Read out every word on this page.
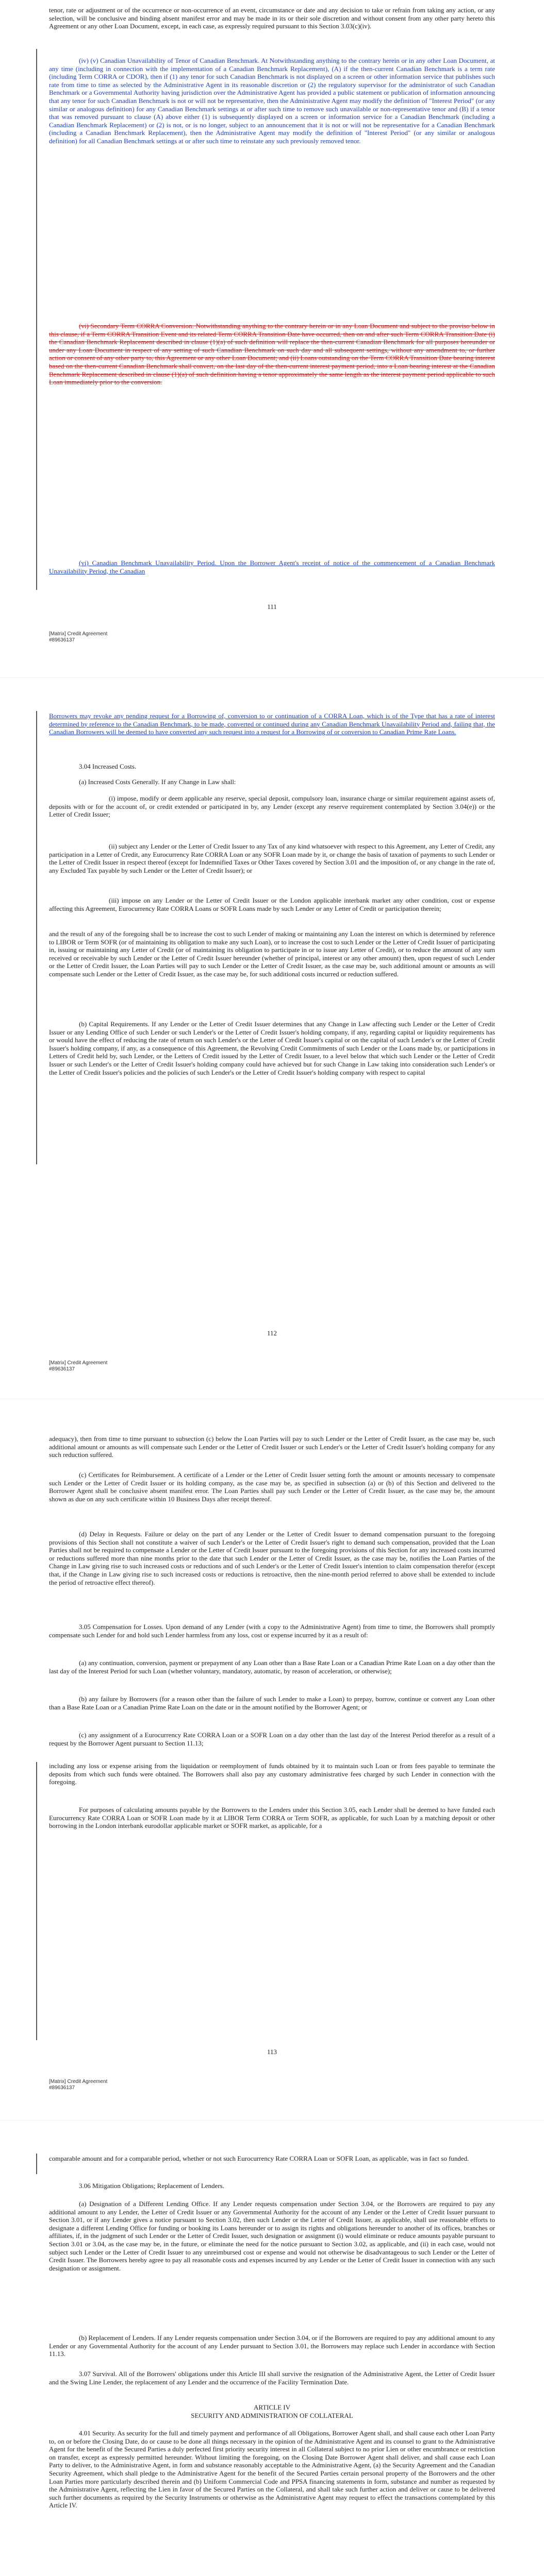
tenor, rate or adjustment or of the occurrence or non-occurrence of an event, circumstance or date and any decision to take or refrain from taking any action, or any selection, will be conclusive and binding absent manifest error and may be made in its or their sole discretion and without consent from any other party hereto this Agreement or any other Loan Document, except, in each case, as expressly required pursuant to this Section 3.03(c)(iv).

(iv) (v) Canadian Unavailability of Tenor of Canadian Benchmark. At Notwithstanding anything to the contrary herein or in any other Loan Document, at any time (including in connection with the implementation of a Canadian Benchmark Replacement), (A) if the then-current Canadian Benchmark is a term rate (including Term CORRA or CDOR), then if (1) any tenor for such Canadian Benchmark is not displayed on a screen or other information service that publishes such rate from time to time as selected by the Administrative Agent in its reasonable discretion or (2) the regulatory supervisor for the administrator of such Canadian Benchmark or a Governmental Authority having jurisdiction over the Administrative Agent has provided a public statement or publication of information announcing that any tenor for such Canadian Benchmark is not or will not be representative, then the Administrative Agent may modify the definition of "Interest Period" (or any similar or analogous definition) for any Canadian Benchmark settings at or after such time to remove such unavailable or non-representative tenor and (B) if a tenor that was removed pursuant to clause (A) above either (1) is subsequently displayed on a screen or information service for a Canadian Benchmark (including a Canadian Benchmark Replacement) or (2) is not, or is no longer, subject to an announcement that it is not or will not be representative for a Canadian Benchmark (including a Canadian Benchmark Replacement), then the Administrative Agent may modify the definition of "Interest Period" (or any similar or analogous definition) for all Canadian Benchmark settings at or after such time to reinstate any such previously removed tenor.

(vi) Secondary Term CORRA Conversion. Notwithstanding anything to the contrary herein or in any Loan Document and subject to the proviso below in this clause, if a Term CORRA Transition Event and its related Term CORRA Transition Date have occurred, then on and after such Term CORRA Transition Date (i) the Canadian Benchmark Replacement described in clause (1)(a) of such definition will replace the then-current Canadian Benchmark for all purposes hereunder or under any Loan Document in respect of any setting of such Canadian Benchmark on such day and all subsequent settings, without any amendment to, or further action or consent of any other party to, this Agreement or any other Loan Document; and (ii) Loans outstanding on the Term CORRA Transition Date bearing interest based on the then-current Canadian Benchmark shall convert, on the last day of the then-current interest payment period, into a Loan bearing interest at the Canadian Benchmark Replacement described in clause (1)(a) of such definition having a tenor approximately the same length as the interest payment period applicable to such Loan immediately prior to the conversion.

(vi) Canadian Benchmark Unavailability Period. Upon the Borrower Agent's receipt of notice of the commencement of a Canadian Benchmark Unavailability Period, the Canadian

111
[Matrix] Credit Agreement
#89636137

Borrowers may revoke any pending request for a Borrowing of, conversion to or continuation of a CORRA Loan, which is of the Type that has a rate of interest determined by reference to the Canadian Benchmark, to be made, converted or continued during any Canadian Benchmark Unavailability Period and, failing that, the Canadian Borrowers will be deemed to have converted any such request into a request for a Borrowing of or conversion to Canadian Prime Rate Loans.

3.04 Increased Costs.

(a) Increased Costs Generally. If any Change in Law shall:

(i) impose, modify or deem applicable any reserve, special deposit, compulsory loan, insurance charge or similar requirement against assets of, deposits with or for the account of, or credit extended or participated in by, any Lender (except any reserve requirement contemplated by Section 3.04(e)) or the Letter of Credit Issuer;

(ii) subject any Lender or the Letter of Credit Issuer to any Tax of any kind whatsoever with respect to this Agreement, any Letter of Credit, any participation in a Letter of Credit, any Eurocurrency Rate CORRA Loan or any SOFR Loan made by it, or change the basis of taxation of payments to such Lender or the Letter of Credit Issuer in respect thereof (except for Indemnified Taxes or Other Taxes covered by Section 3.01 and the imposition of, or any change in the rate of, any Excluded Tax payable by such Lender or the Letter of Credit Issuer); or

(iii) impose on any Lender or the Letter of Credit Issuer or the London applicable interbank market any other condition, cost or expense affecting this Agreement, Eurocurrency Rate CORRA Loans or SOFR Loans made by such Lender or any Letter of Credit or participation therein;

and the result of any of the foregoing shall be to increase the cost to such Lender of making or maintaining any Loan the interest on which is determined by reference to LIBOR or Term SOFR (or of maintaining its obligation to make any such Loan), or to increase the cost to such Lender or the Letter of Credit Issuer of participating in, issuing or maintaining any Letter of Credit (or of maintaining its obligation to participate in or to issue any Letter of Credit), or to reduce the amount of any sum received or receivable by such Lender or the Letter of Credit Issuer hereunder (whether of principal, interest or any other amount) then, upon request of such Lender or the Letter of Credit Issuer, the Loan Parties will pay to such Lender or the Letter of Credit Issuer, as the case may be, such additional amount or amounts as will compensate such Lender or the Letter of Credit Issuer, as the case may be, for such additional costs incurred or reduction suffered.

(b) Capital Requirements. If any Lender or the Letter of Credit Issuer determines that any Change in Law affecting such Lender or the Letter of Credit Issuer or any Lending Office of such Lender or such Lender's or the Letter of Credit Issuer's holding company, if any, regarding capital or liquidity requirements has or would have the effect of reducing the rate of return on such Lender's or the Letter of Credit Issuer's capital or on the capital of such Lender's or the Letter of Credit Issuer's holding company, if any, as a consequence of this Agreement, the Revolving Credit Commitments of such Lender or the Loans made by, or participations in Letters of Credit held by, such Lender, or the Letters of Credit issued by the Letter of Credit Issuer, to a level below that which such Lender or the Letter of Credit Issuer or such Lender's or the Letter of Credit Issuer's holding company could have achieved but for such Change in Law taking into consideration such Lender's or the Letter of Credit Issuer's policies and the policies of such Lender's or the Letter of Credit Issuer's holding company with respect to capital

112
[Matrix] Credit Agreement
#89636137

adequacy), then from time to time pursuant to subsection (c) below the Loan Parties will pay to such Lender or the Letter of Credit Issuer, as the case may be, such additional amount or amounts as will compensate such Lender or the Letter of Credit Issuer or such Lender's or the Letter of Credit Issuer's holding company for any such reduction suffered.

(c) Certificates for Reimbursement. A certificate of a Lender or the Letter of Credit Issuer setting forth the amount or amounts necessary to compensate such Lender or the Letter of Credit Issuer or its holding company, as the case may be, as specified in subsection (a) or (b) of this Section and delivered to the Borrower Agent shall be conclusive absent manifest error. The Loan Parties shall pay such Lender or the Letter of Credit Issuer, as the case may be, the amount shown as due on any such certificate within 10 Business Days after receipt thereof.

(d) Delay in Requests. Failure or delay on the part of any Lender or the Letter of Credit Issuer to demand compensation pursuant to the foregoing provisions of this Section shall not constitute a waiver of such Lender's or the Letter of Credit Issuer's right to demand such compensation, provided that the Loan Parties shall not be required to compensate a Lender or the Letter of Credit Issuer pursuant to the foregoing provisions of this Section for any increased costs incurred or reductions suffered more than nine months prior to the date that such Lender or the Letter of Credit Issuer, as the case may be, notifies the Loan Parties of the Change in Law giving rise to such increased costs or reductions and of such Lender's or the Letter of Credit Issuer's intention to claim compensation therefor (except that, if the Change in Law giving rise to such increased costs or reductions is retroactive, then the nine-month period referred to above shall be extended to include the period of retroactive effect thereof).

3.05 Compensation for Losses. Upon demand of any Lender (with a copy to the Administrative Agent) from time to time, the Borrowers shall promptly compensate such Lender for and hold such Lender harmless from any loss, cost or expense incurred by it as a result of:

(a) any continuation, conversion, payment or prepayment of any Loan other than a Base Rate Loan or a Canadian Prime Rate Loan on a day other than the last day of the Interest Period for such Loan (whether voluntary, mandatory, automatic, by reason of acceleration, or otherwise);

(b) any failure by Borrowers (for a reason other than the failure of such Lender to make a Loan) to prepay, borrow, continue or convert any Loan other than a Base Rate Loan or a Canadian Prime Rate Loan on the date or in the amount notified by the Borrower Agent; or

(c) any assignment of a Eurocurrency Rate CORRA Loan or a SOFR Loan on a day other than the last day of the Interest Period therefor as a result of a request by the Borrower Agent pursuant to Section 11.13;

including any loss or expense arising from the liquidation or reemployment of funds obtained by it to maintain such Loan or from fees payable to terminate the deposits from which such funds were obtained. The Borrowers shall also pay any customary administrative fees charged by such Lender in connection with the foregoing.

For purposes of calculating amounts payable by the Borrowers to the Lenders under this Section 3.05, each Lender shall be deemed to have funded each Eurocurrency Rate CORRA Loan or SOFR Loan made by it at LIBOR Term CORRA or Term SOFR, as applicable, for such Loan by a matching deposit or other borrowing in the London interbank eurodollar applicable market or SOFR market, as applicable, for a

113
[Matrix] Credit Agreement
#89636137

comparable amount and for a comparable period, whether or not such Eurocurrency Rate CORRA Loan or SOFR Loan, as applicable, was in fact so funded.

3.06 Mitigation Obligations; Replacement of Lenders.

(a) Designation of a Different Lending Office. If any Lender requests compensation under Section 3.04, or the Borrowers are required to pay any additional amount to any Lender, the Letter of Credit Issuer or any Governmental Authority for the account of any Lender or the Letter of Credit Issuer pursuant to Section 3.01, or if any Lender gives a notice pursuant to Section 3.02, then such Lender or the Letter of Credit Issuer, as applicable, shall use reasonable efforts to designate a different Lending Office for funding or booking its Loans hereunder or to assign its rights and obligations hereunder to another of its offices, branches or affiliates, if, in the judgment of such Lender or the Letter of Credit Issuer, such designation or assignment (i) would eliminate or reduce amounts payable pursuant to Section 3.01 or 3.04, as the case may be, in the future, or eliminate the need for the notice pursuant to Section 3.02, as applicable, and (ii) in each case, would not subject such Lender or the Letter of Credit Issuer to any unreimbursed cost or expense and would not otherwise be disadvantageous to such Lender or the Letter of Credit Issuer. The Borrowers hereby agree to pay all reasonable costs and expenses incurred by any Lender or the Letter of Credit Issuer in connection with any such designation or assignment.

(b) Replacement of Lenders. If any Lender requests compensation under Section 3.04, or if the Borrowers are required to pay any additional amount to any Lender or any Governmental Authority for the account of any Lender pursuant to Section 3.01, the Borrowers may replace such Lender in accordance with Section 11.13.

3.07 Survival. All of the Borrowers' obligations under this Article III shall survive the resignation of the Administrative Agent, the Letter of Credit Issuer and the Swing Line Lender, the replacement of any Lender and the occurrence of the Facility Termination Date.

ARTICLE IV
SECURITY AND ADMINISTRATION OF COLLATERAL

4.01 Security. As security for the full and timely payment and performance of all Obligations, Borrower Agent shall, and shall cause each other Loan Party to, on or before the Closing Date, do or cause to be done all things necessary in the opinion of the Administrative Agent and its counsel to grant to the Administrative Agent for the benefit of the Secured Parties a duly perfected first priority security interest in all Collateral subject to no prior Lien or other encumbrance or restriction on transfer, except as expressly permitted hereunder. Without limiting the foregoing, on the Closing Date Borrower Agent shall deliver, and shall cause each Loan Party to deliver, to the Administrative Agent, in form and substance reasonably acceptable to the Administrative Agent, (a) the Security Agreement and the Canadian Security Agreement, which shall pledge to the Administrative Agent for the benefit of the Secured Parties certain personal property of the Borrowers and the other Loan Parties more particularly described therein and (b) Uniform Commercial Code and PPSA financing statements in form, substance and number as requested by the Administrative Agent, reflecting the Lien in favor of the Secured Parties on the Collateral, and shall take such further action and deliver or cause to be delivered such further documents as required by the Security Instruments or otherwise as the Administrative Agent may request to effect the transactions contemplated by this Article IV.
